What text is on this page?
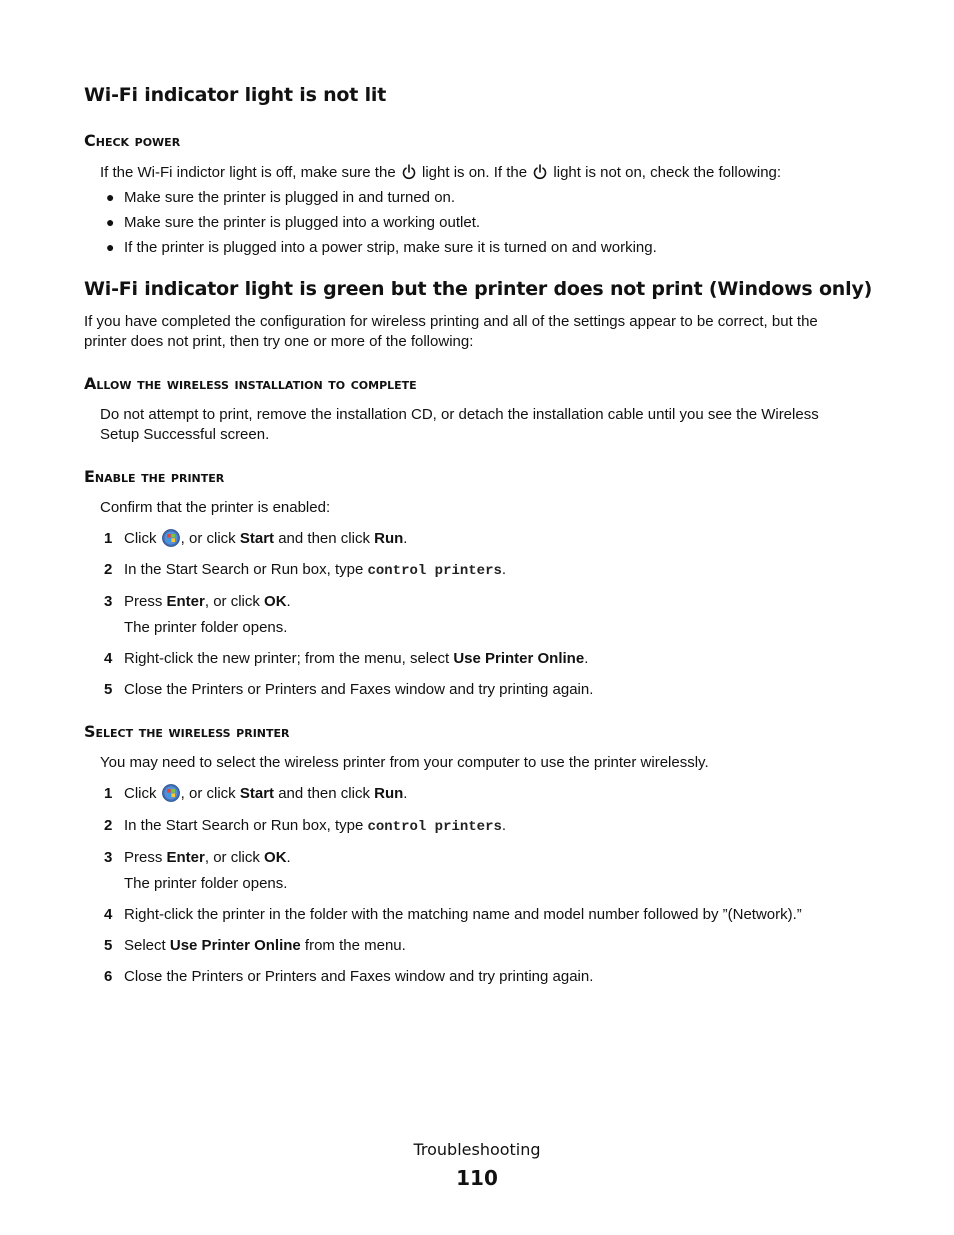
Wi-Fi indicator light is not lit
Check power

If the Wi-Fi indictor light is off, make sure the light is on. If the light is not on, check the following:

● Make sure the printer is plugged in and turned on.
● Make sure the printer is plugged into a working outlet.
● If the printer is plugged into a power strip, make sure it is turned on and working.
Wi-Fi indicator light is green but the printer does not print (Windows only)

If you have completed the configuration for wireless printing and all of the settings appear to be correct, but the printer does not print, then try one or more of the following:

Allow the wireless installation to complete

Do not attempt to print, remove the installation CD, or detach the installation cable until you see the Wireless Setup Successful screen.

Enable the printer

Confirm that the printer is enabled:

1 Click , or click Start and then click Run.
2 In the Start Search or Run box, type control printers.
3 Press Enter, or click OK.
The printer folder opens.
4 Right-click the new printer; from the menu, select Use Printer Online.
5 Close the Printers or Printers and Faxes window and try printing again.
Select the wireless printer

You may need to select the wireless printer from your computer to use the printer wirelessly.

1 Click , or click Start and then click Run.
2 In the Start Search or Run box, type control printers.
3 Press Enter, or click OK.
The printer folder opens.
4 Right-click the printer in the folder with the matching name and model number followed by ”(Network).”
5 Select Use Printer Online from the menu.
6 Close the Printers or Printers and Faxes window and try printing again.
Troubleshooting
110
